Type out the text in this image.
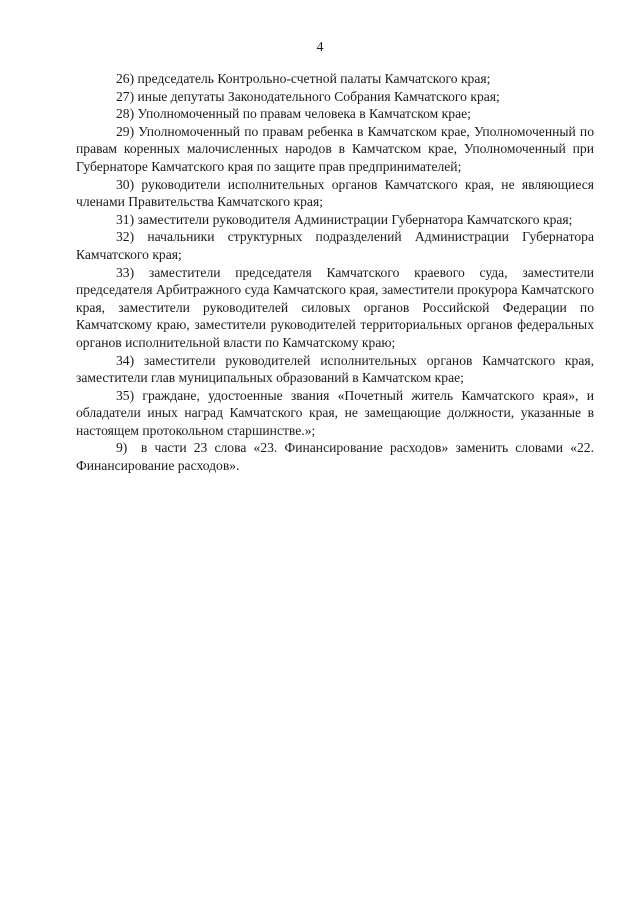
4

26) председатель Контрольно-счетной палаты Камчатского края;

27) иные депутаты Законодательного Собрания Камчатского края;

28) Уполномоченный по правам человека в Камчатском крае;

29) Уполномоченный по правам ребенка в Камчатском крае, Уполномоченный по правам коренных малочисленных народов в Камчатском крае, Уполномоченный при Губернаторе Камчатского края по защите прав предпринимателей;

30) руководители исполнительных органов Камчатского края, не являющиеся членами Правительства Камчатского края;

31) заместители руководителя Администрации Губернатора Камчатского края;

32) начальники структурных подразделений Администрации Губернатора Камчатского края;

33) заместители председателя Камчатского краевого суда, заместители председателя Арбитражного суда Камчатского края, заместители прокурора Камчатского края, заместители руководителей силовых органов Российской Федерации по Камчатскому краю, заместители руководителей территориальных органов федеральных органов исполнительной власти по Камчатскому краю;

34) заместители руководителей исполнительных органов Камчатского края, заместители глав муниципальных образований в Камчатском крае;

35) граждане, удостоенные звания «Почетный житель Камчатского края», и обладатели иных наград Камчатского края, не замещающие должности, указанные в настоящем протокольном старшинстве.»;

9) в части 23 слова «23. Финансирование расходов» заменить словами «22. Финансирование расходов».
